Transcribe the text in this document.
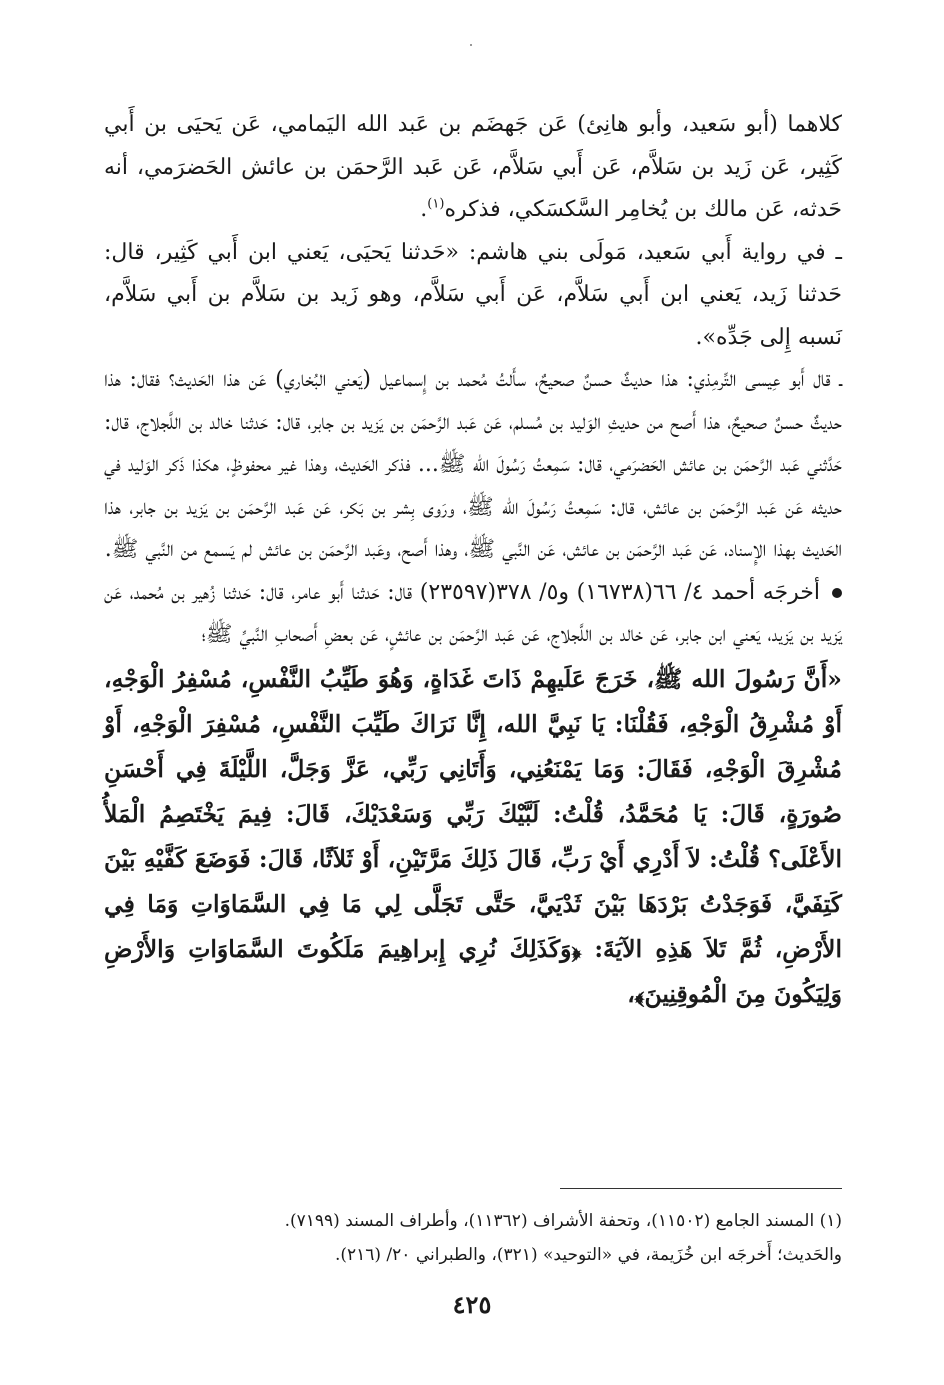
كلاهما (أبو سَعيد، وأبو هانِئ) عَن جَهضَم بن عَبد الله اليَمامي، عَن يَحيَى بن أَبي كَثِير، عَن زَيد بن سَلاَّم، عَن أَبي سَلاَّم، عَن عَبد الرَّحمَن بن عائش الحَضرَمي، أنه حَدثه، عَن مالك بن يُخامِر السَّكسَكي، فذكره$^{(١)}$.

ـ في رواية أَبي سَعيد، مَولَى بني هاشم: «حَدثنا يَحيَى، يَعني ابن أَبي كَثِير، قال: حَدثنا زَيد، يَعني ابن أَبي سَلاَّم، عَن أَبي سَلاَّم، وهو زَيد بن سَلاَّم بن أَبي سَلاَّم، نَسبه إِلى جَدِّه».

ـ قال أَبو عِيسى التِّرمِذي: هذا حديثٌ حسنٌ صحيحٌ، سأَلتُ مُحمد بن إِسماعيل (يَعني البُخاري) عَن هذا الحَديث؟ فقال: هذا حديثٌ حسنٌ صحيحٌ، هذا أَصح من حديثِ الوَليد بن مُسلم، عَن عَبد الرَّحمَن بن يَزيد بن جابر، قال: حَدثنا خالد بن اللَّجلاج، قال: حَدَّثني عَبد الرَّحمَن بن عائش الحَضرَمي، قال: سَمِعتُ رَسُولَ الله ﷺ... فذكر الحَديث، وهذا غير محفوظٍ، هكذا ذَكر الوَليد في حديثه عَن عَبد الرَّحمَن بن عائش، قال: سَمِعتُ رَسُولَ الله ﷺ، ورَوى بِشر بن بَكر، عَن عَبد الرَّحمَن بن يَزيد بن جابر، هذا الحَديث بهذا الإِسناد، عَن عَبد الرَّحمَن بن عائش، عَن النَّبي ﷺ، وهذا أَصح، وعَبد الرَّحمَن بن عائش لم يَسمع من النَّبي ﷺ.

أخرجَه أحمد ٤/ ٦٦(١٦٧٣٨) و٥/ ٣٧٨(٢٣٥٩٧) قال: حَدثنا أَبو عامر، قال: حَدثنا زُهير بن مُحمد، عَن يَزيد بن يَزيد، يَعني ابن جابر، عَن خالد بن اللَّجلاج، عَن عَبد الرَّحمَن بن عائشٍ، عَن بعضِ أَصحابِ النَّبيِّ ﷺ؛

«أَنَّ رَسُولَ الله ﷺ، خَرَجَ عَلَيهِمْ ذَاتَ غَدَاةٍ، وَهُوَ طَيِّبُ النَّفْسِ، مُسْفِرُ الْوَجْهِ، أَوْ مُشْرِقُ الْوَجْهِ، فَقُلْنَا: يَا نَبِيَّ الله، إِنَّا نَرَاكَ طَيِّبَ النَّفْسِ، مُسْفِرَ الْوَجْهِ، أَوْ مُشْرِقَ الْوَجْهِ، فَقَالَ: وَمَا يَمْنَعُنِي، وَأَتَانِي رَبِّي، عَزَّ وَجَلَّ، اللَّيْلَةَ فِي أَحْسَنِ صُورَةٍ، قَالَ: يَا مُحَمَّدُ، قُلْتُ: لَبَّيْكَ رَبِّي وَسَعْدَيْكَ، قَالَ: فِيمَ يَخْتَصِمُ الْمَلأُ الأَعْلَى؟ قُلْتُ: لاَ أَدْرِي أَيْ رَبِّ، قَالَ ذَلِكَ مَرَّتَيْنِ، أَوْ ثَلاَثًا، قَالَ: فَوَضَعَ كَفَّيْهِ بَيْنَ كَتِفَيَّ، فَوَجَدْتُ بَرْدَهَا بَيْنَ ثَدْيَيَّ، حَتَّى تَجَلَّى لِي مَا فِي السَّمَاوَاتِ وَمَا فِي الأَرْضِ، ثُمَّ تَلاَ هَذِهِ الآيَةَ: ﴿وَكَذَلِكَ نُرِي إِبراهِيمَ مَلَكُوتَ السَّمَاوَاتِ وَالأَرْضِ وَلِيَكُونَ مِنَ الْمُوقِنِينَ﴾،

(١) المسند الجامع (١١٥٠٢)، وتحفة الأشراف (١١٣٦٢)، وأطراف المسند (٧١٩٩).

والحَديث؛ أَخرجَه ابن خُزَيمة، في «التوحيد» (٣٢١)، والطبراني ٢٠/ (٢١٦).

٤٢٥
